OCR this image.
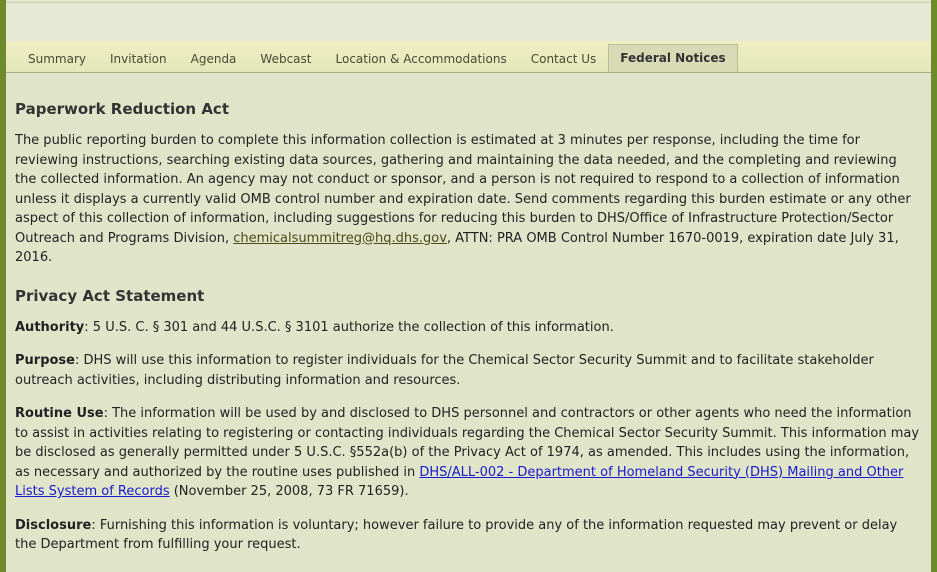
Summary	Invitation	Agenda	Webcast	Location & Accommodations	Contact Us	Federal Notices
Paperwork Reduction Act

The public reporting burden to complete this information collection is estimated at 3 minutes per response, including the time for reviewing instructions, searching existing data sources, gathering and maintaining the data needed, and the completing and reviewing the collected information. An agency may not conduct or sponsor, and a person is not required to respond to a collection of information unless it displays a currently valid OMB control number and expiration date. Send comments regarding this burden estimate or any other aspect of this collection of information, including suggestions for reducing this burden to DHS/Office of Infrastructure Protection/Sector Outreach and Programs Division, chemicalsummitreg@hq.dhs.gov, ATTN: PRA OMB Control Number 1670-0019, expiration date July 31, 2016.

Privacy Act Statement

Authority: 5 U.S. C. § 301 and 44 U.S.C. § 3101 authorize the collection of this information.

Purpose: DHS will use this information to register individuals for the Chemical Sector Security Summit and to facilitate stakeholder outreach activities, including distributing information and resources.

Routine Use: The information will be used by and disclosed to DHS personnel and contractors or other agents who need the information to assist in activities relating to registering or contacting individuals regarding the Chemical Sector Security Summit. This information may be disclosed as generally permitted under 5 U.S.C. §552a(b) of the Privacy Act of 1974, as amended. This includes using the information, as necessary and authorized by the routine uses published in DHS/ALL-002 - Department of Homeland Security (DHS) Mailing and Other Lists System of Records (November 25, 2008, 73 FR 71659).

Disclosure: Furnishing this information is voluntary; however failure to provide any of the information requested may prevent or delay the Department from fulfilling your request.
